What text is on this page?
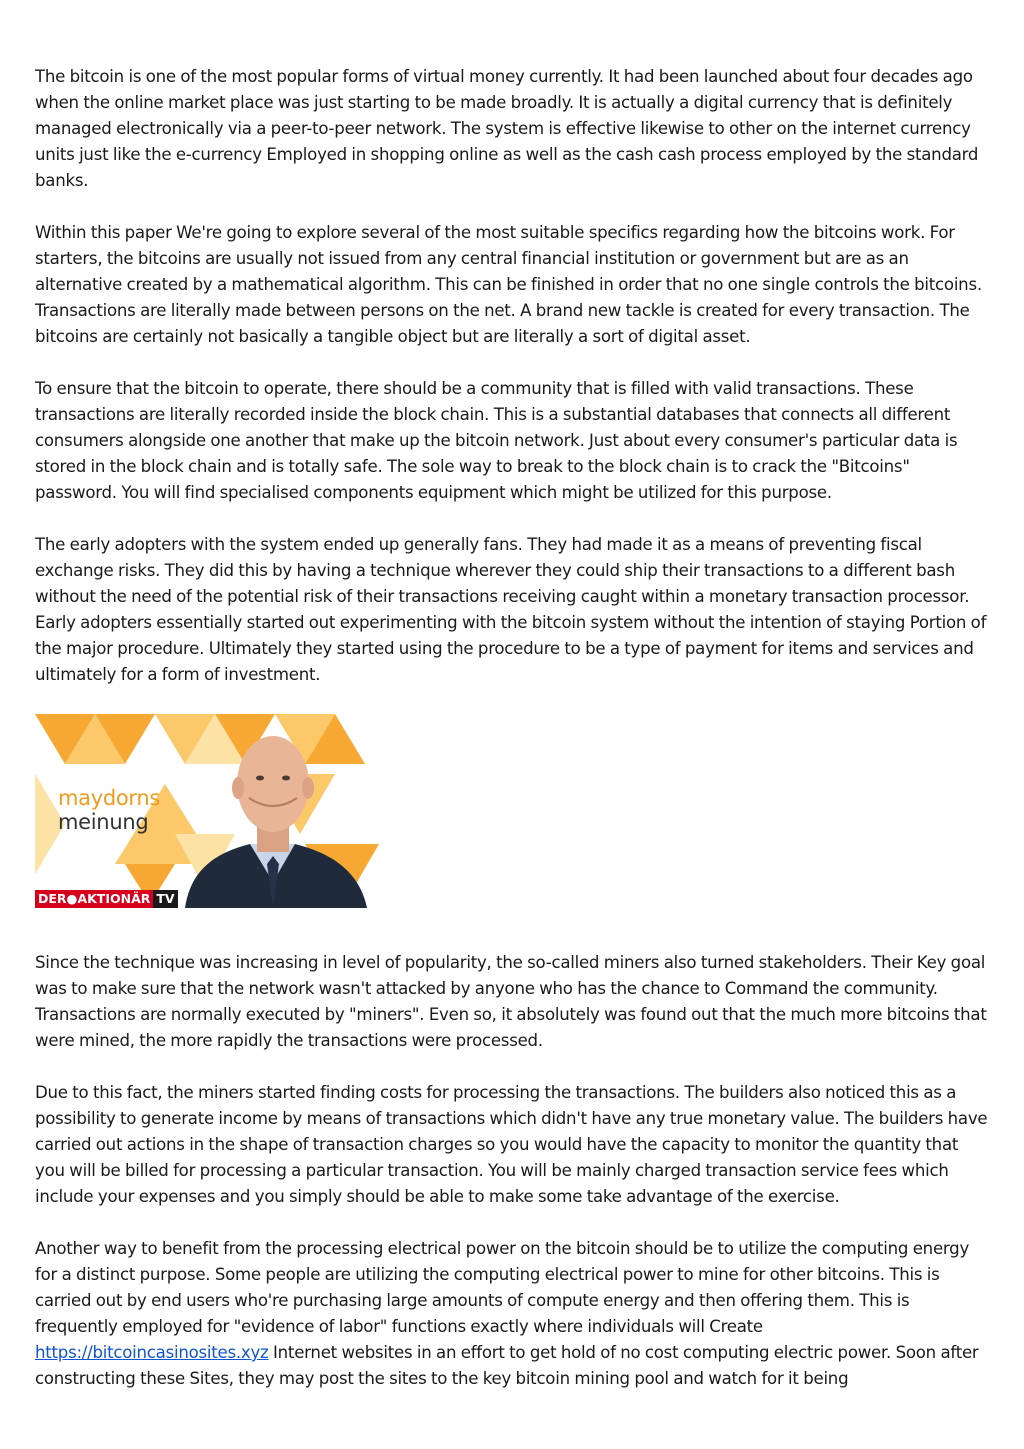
The bitcoin is one of the most popular forms of virtual money currently. It had been launched about four decades ago when the online market place was just starting to be made broadly. It is actually a digital currency that is definitely managed electronically via a peer-to-peer network. The system is effective likewise to other on the internet currency units just like the e-currency Employed in shopping online as well as the cash cash process employed by the standard banks.

Within this paper We're going to explore several of the most suitable specifics regarding how the bitcoins work. For starters, the bitcoins are usually not issued from any central financial institution or government but are as an alternative created by a mathematical algorithm. This can be finished in order that no one single controls the bitcoins. Transactions are literally made between persons on the net. A brand new tackle is created for every transaction. The bitcoins are certainly not basically a tangible object but are literally a sort of digital asset.

To ensure that the bitcoin to operate, there should be a community that is filled with valid transactions. These transactions are literally recorded inside the block chain. This is a substantial databases that connects all different consumers alongside one another that make up the bitcoin network. Just about every consumer's particular data is stored in the block chain and is totally safe. The sole way to break to the block chain is to crack the "Bitcoins" password. You will find specialised components equipment which might be utilized for this purpose.

The early adopters with the system ended up generally fans. They had made it as a means of preventing fiscal exchange risks. They did this by having a technique wherever they could ship their transactions to a different bash without the need of the potential risk of their transactions receiving caught within a monetary transaction processor. Early adopters essentially started out experimenting with the bitcoin system without the intention of staying Portion of the major procedure. Ultimately they started using the procedure to be a type of payment for items and services and ultimately for a form of investment.

maydorns
meinung
DER●AKTIONÄR TV

Since the technique was increasing in level of popularity, the so-called miners also turned stakeholders. Their Key goal was to make sure that the network wasn't attacked by anyone who has the chance to Command the community. Transactions are normally executed by "miners". Even so, it absolutely was found out that the much more bitcoins that were mined, the more rapidly the transactions were processed.

Due to this fact, the miners started finding costs for processing the transactions. The builders also noticed this as a possibility to generate income by means of transactions which didn't have any true monetary value. The builders have carried out actions in the shape of transaction charges so you would have the capacity to monitor the quantity that you will be billed for processing a particular transaction. You will be mainly charged transaction service fees which include your expenses and you simply should be able to make some take advantage of the exercise.

Another way to benefit from the processing electrical power on the bitcoin should be to utilize the computing energy for a distinct purpose. Some people are utilizing the computing electrical power to mine for other bitcoins. This is carried out by end users who're purchasing large amounts of compute energy and then offering them. This is frequently employed for "evidence of labor" functions exactly where individuals will Create https://bitcoincasinosites.xyz Internet websites in an effort to get hold of no cost computing electric power. Soon after constructing these Sites, they may post the sites to the key bitcoin mining pool and watch for it being
